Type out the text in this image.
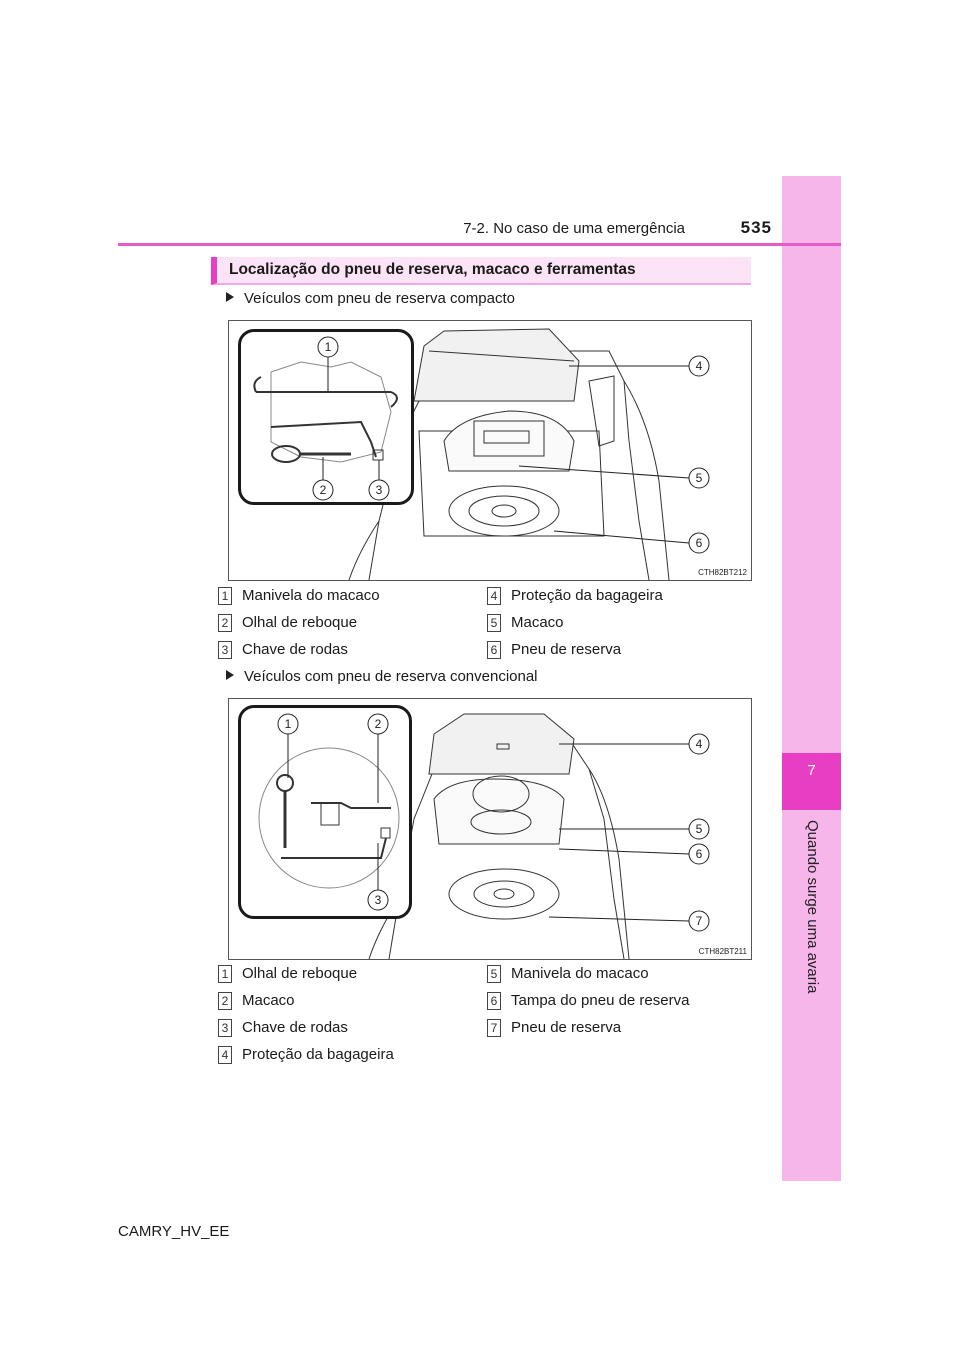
7
Quando surge uma avaria
7-2. No caso de uma emergência	535
Localização do pneu de reserva, macaco e ferramentas
Veículos com pneu de reserva compacto
4
5
6
1
2	3
CTH82BT212
1 Manivela do macaco
2 Olhal de reboque
3 Chave de rodas
4 Proteção da bagageira
5 Macaco
6 Pneu de reserva
Veículos com pneu de reserva convencional
4
5
6
7
1	2
3
CTH82BT211
1 Olhal de reboque
2 Macaco
3 Chave de rodas
4 Proteção da bagageira
5 Manivela do macaco
6 Tampa do pneu de reserva
7 Pneu de reserva
CAMRY_HV_EE
